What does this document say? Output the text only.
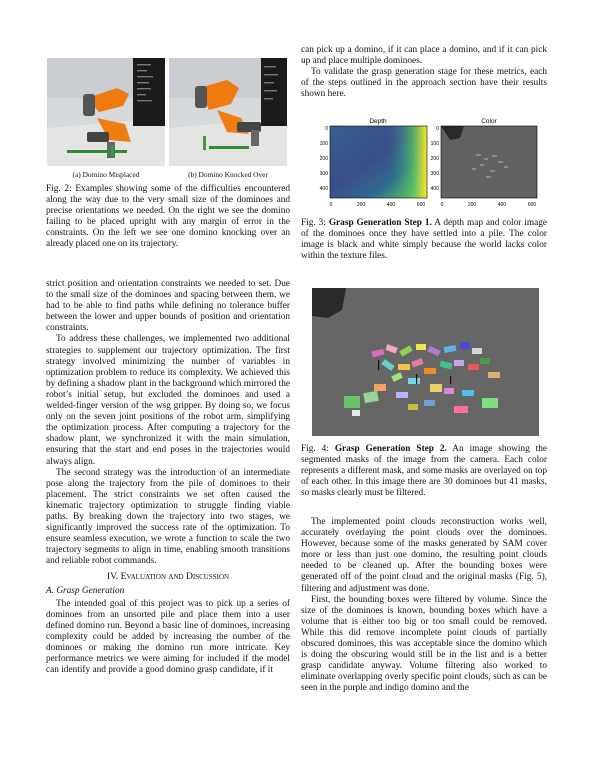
(a) Domino Misplaced	(b) Domino Knocked Over
Fig. 2: Examples showing some of the difficulties encountered along the way due to the very small size of the dominoes and precise orientations we needed. On the right we see the domino failing to be placed upright with any margin of error in the constraints. On the left we see one domino knocking over an already placed one on its trajectory.

strict position and orientation constraints we needed to set. Due to the small size of the dominoes and spacing between them, we had to be able to find paths while defining no tolerance buffer between the lower and upper bounds of position and orientation constraints.

To address these challenges, we implemented two additional strategies to supplement our trajectory optimization. The first strategy involved minimizing the number of variables in optimization problem to reduce its complexity. We achieved this by defining a shadow plant in the background which mirrored the robot’s initial setup, but excluded the dominoes and used a welded-finger version of the wsg gripper. By doing so, we focus only on the seven joint positions of the robot arm, simplifying the optimization process. After computing a trajectory for the shadow plant, we synchronized it with the main simulation, ensuring that the start and end poses in the trajectories would always align.

The second strategy was the introduction of an intermediate pose along the trajectory from the pile of dominoes to their placement. The strict constraints we set often caused the kinematic trajectory optimization to struggle finding viable paths. By breaking down the trajectory into two stages, we significantly improved the success rate of the optimization. To ensure seamless execution, we wrote a function to scale the two trajectory segments to align in time, enabling smooth transitions and reliable robot commands.

IV. Evaluation and Discussion
A. Grasp Generation

The intended goal of this project was to pick up a series of dominoes from an unsorted pile and place them into a user defined domino run. Beyond a basic line of dominoes, increasing complexity could be added by increasing the number of the dominoes or making the domino run more intricate. Key performance metrics we were aiming for included if the model can identify and provide a good domino grasp candidate, if it

can pick up a domino, if it can place a domino, and if it can pick up and place multiple dominoes.

To validate the grasp generation stage for these metrics, each of the steps outlined in the approach section have their results shown here.

Depth	Color
0
100
200
300
400
0
100
200
300
400
0	200	400	600	0	200	400	600
Fig. 3: Grasp Generation Step 1. A depth map and color image of the dominoes once they have settled into a pile. The color image is black and white simply because the world lacks color within the texture files.
Fig. 4: Grasp Generation Step 2. An image showing the segmented masks of the image from the camera. Each color represents a different mask, and some masks are overlayed on top of each other. In this image there are 30 dominoes but 41 masks, so masks clearly must be filtered.

The implemented point clouds reconstruction works well, accurately overlaying the point clouds over the dominoes. However, because some of the masks generated by SAM cover more or less than just one domino, the resulting point clouds needed to be cleaned up. After the bounding boxes were generated off of the point cloud and the original masks (Fig. 5), filtering and adjustment was done.

First, the bounding boxes were filtered by volume. Since the size of the dominoes is known, bounding boxes which have a volume that is either too big or too small could be removed. While this did remove incomplete point clouds of partially obscured dominoes, this was acceptable since the domino which is doing the obscuring would still be in the list and is a better grasp candidate anyway. Volume filtering also worked to eliminate overlapping overly specific point clouds, such as can be seen in the purple and indigo domino and the
